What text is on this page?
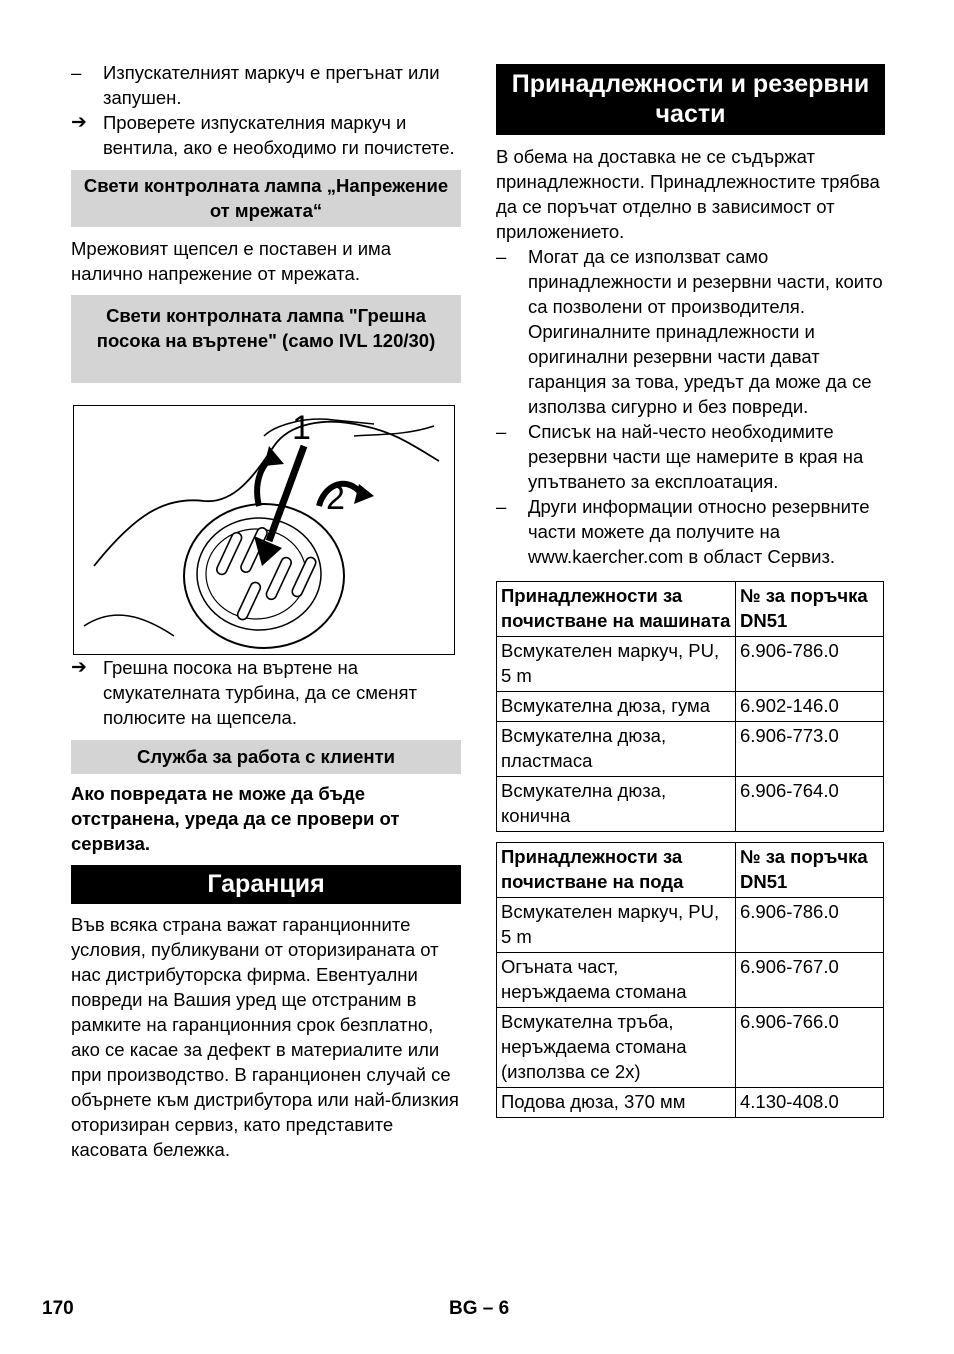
–	Изпускателният маркуч е прегънат или запушен.
➔ Проверете изпускателния маркуч и вентила, ако е необходимо ги почистете.
Свети контролната лампа „Напрежение от мрежата“

Мрежовият щепсел е поставен и има налично напрежение от мрежата.

Свети контролната лампа "Грешна посока на въртене" (само IVL 120/30)
1
2
➔ Грешна посока на въртене на смукателната турбина, да се сменят полюсите на щепсела.
Служба за работа с клиенти

Ако повредата не може да бъде отстранена, уреда да се провери от сервиза.

Гаранция

Във всяка страна важат гаранционните условия, публикувани от оторизираната от нас дистрибуторска фирма. Евентуални повреди на Вашия уред ще отстраним в рамките на гаранционния срок безплатно, ако се касае за дефект в материалите или при производство. В гаранционен случай се обърнете към дистрибутора или най-близкия оторизиран сервиз, като представите касовата бележка.

Принадлежности и резервни части

В обема на доставка не се съдържат принадлежности. Принадлежностите трябва да се поръчат отделно в зависимост от приложението.

–	Могат да се използват само принадлежности и резервни части, които са позволени от производителя. Оригиналните принадлежности и оригинални резервни части дават гаранция за това, уредът да може да се използва сигурно и без повреди.
–	Списък на най-често необходимите резервни части ще намерите в края на упътването за експлоатация.
–	Други информации относно резервните части можете да получите на www.kaercher.com в област Сервиз.
Принадлежности за почистване на машината	№ за поръчка DN51
Всмукателен маркуч, PU, 5 m	6.906-786.0
Всмукателна дюза, гума	6.902-146.0
Всмукателна дюза, пластмаса	6.906-773.0
Всмукателна дюза, конична	6.906-764.0
Принадлежности за почистване на пода	№ за поръчка DN51
Всмукателен маркуч, PU, 5 m	6.906-786.0
Огъната част, неръждаема стомана	6.906-767.0
Всмукателна тръба, неръждаема стомана (използва се 2x)	6.906-766.0
Подова дюза, 370 мм	4.130-408.0
170	BG – 6
